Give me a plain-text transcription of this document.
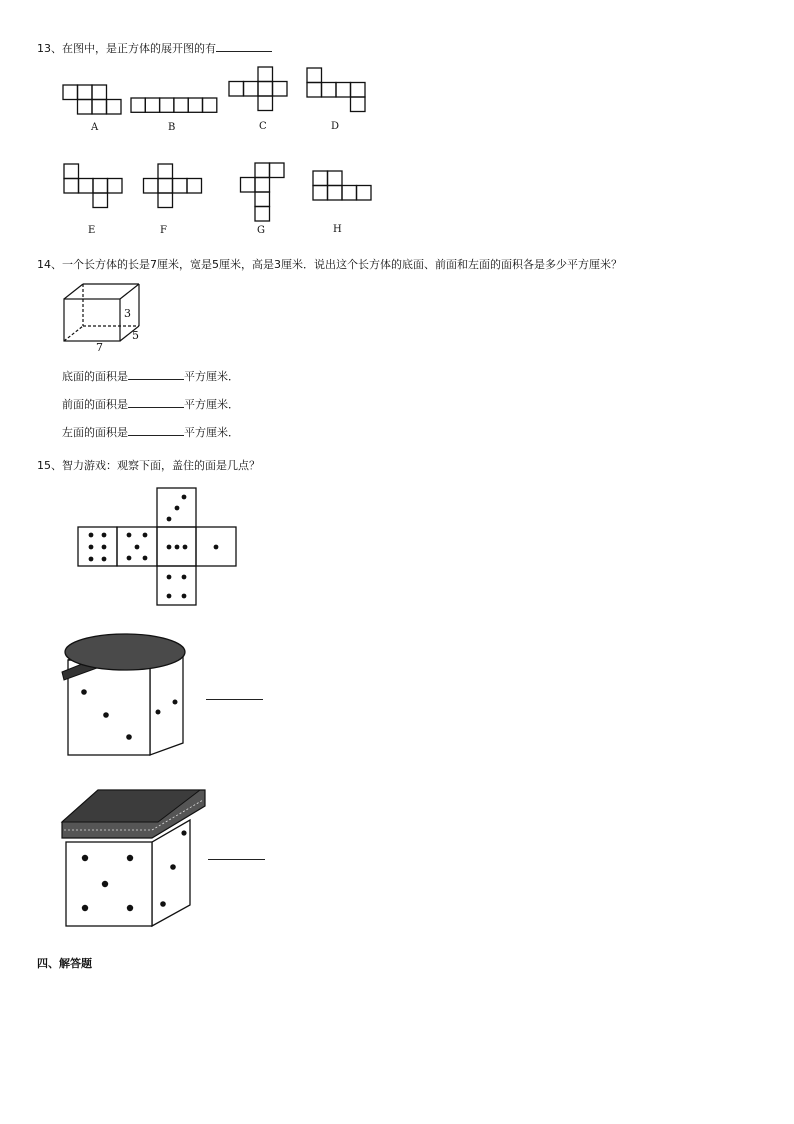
13、在图中，是正方体的展开图的有
A	B	C	D
E	F	G	H
14、一个长方体的长是7厘米，宽是5厘米，高是3厘米．说出这个长方体的底面、前面和左面的面积各是多少平方厘米？
3
5
7
底面的面积是	平方厘米．
前面的面积是	平方厘米．
左面的面积是	平方厘米．
15、智力游戏：观察下面，盖住的面是几点？
四、解答题
